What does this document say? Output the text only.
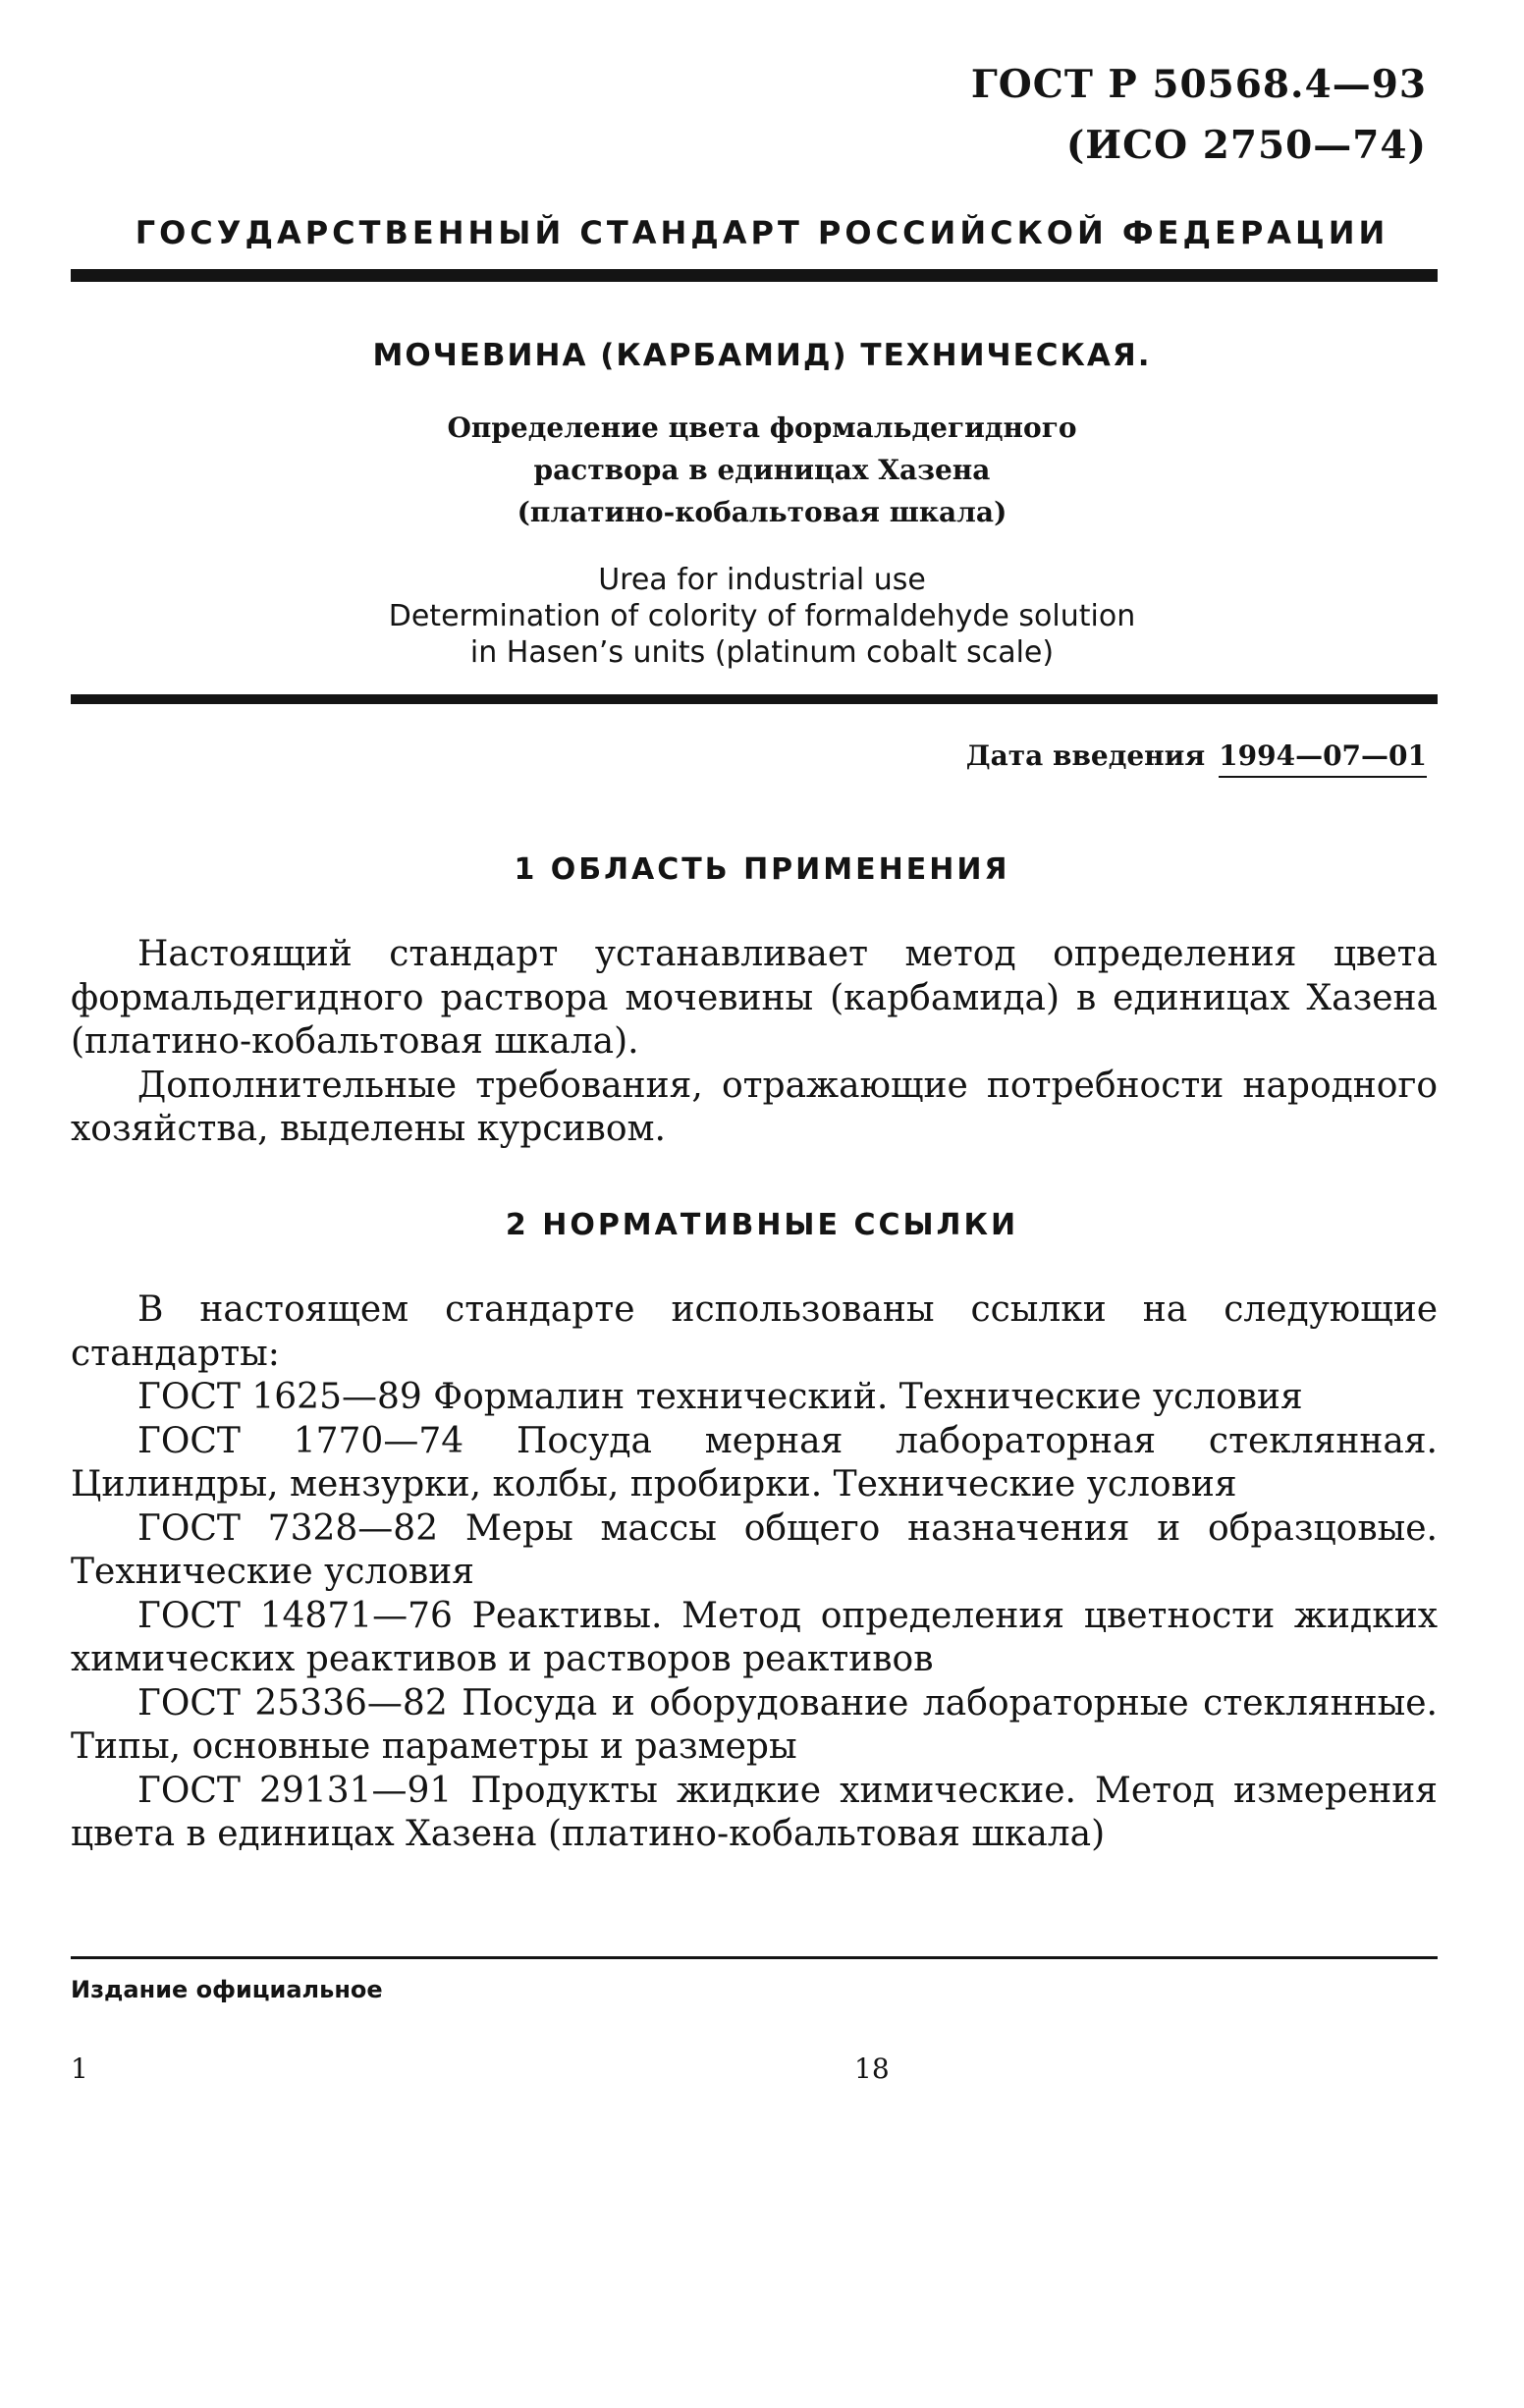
ГОСТ Р 50568.4—93
(ИСО 2750—74)
ГОСУДАРСТВЕННЫЙ СТАНДАРТ РОССИЙСКОЙ ФЕДЕРАЦИИ
МОЧЕВИНА (КАРБАМИД) ТЕХНИЧЕСКАЯ.
Определение цвета формальдегидного
раствора в единицах Хазена
(платино-кобальтовая шкала)
Urea for industrial use
Determination of colority of formaldehyde solution
in Hasen’s units (platinum cobalt scale)
Дата введения 1994—07—01
1 ОБЛАСТЬ ПРИМЕНЕНИЯ

Настоящий стандарт устанавливает метод определения цвета формальдегидного раствора мочевины (карбамида) в единицах Хазена (платино-кобальтовая шкала).

Дополнительные требования, отражающие потребности народного хозяйства, выделены курсивом.

2 НОРМАТИВНЫЕ ССЫЛКИ

В настоящем стандарте использованы ссылки на следующие стандарты:

ГОСТ 1625—89 Формалин технический. Технические условия

ГОСТ 1770—74 Посуда мерная лабораторная стеклянная. Цилиндры, мензурки, колбы, пробирки. Технические условия

ГОСТ 7328—82 Меры массы общего назначения и образцовые. Технические условия

ГОСТ 14871—76 Реактивы. Метод определения цветности жидких химических реактивов и растворов реактивов

ГОСТ 25336—82 Посуда и оборудование лабораторные стеклянные. Типы, основные параметры и размеры

ГОСТ 29131—91 Продукты жидкие химические. Метод измерения цвета в единицах Хазена (платино-кобальтовая шкала)

Издание официальное
1	18
